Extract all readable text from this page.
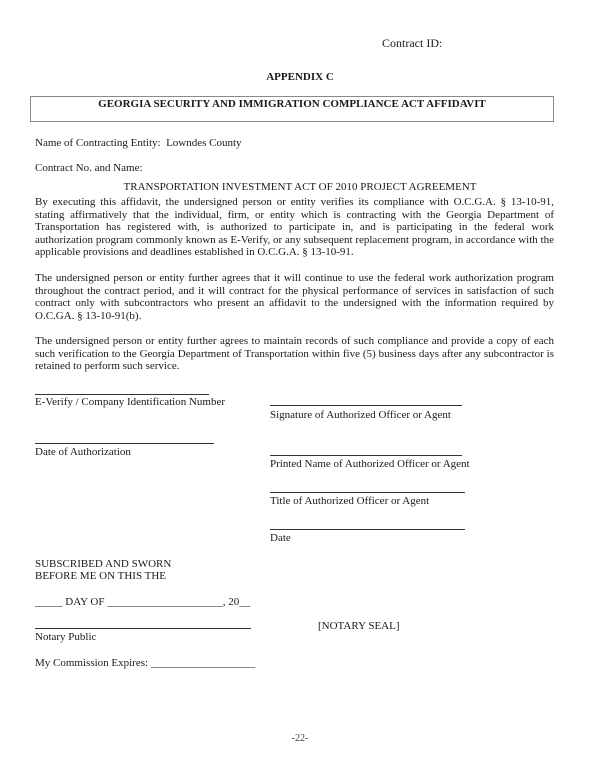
Contract ID:
APPENDIX C
GEORGIA SECURITY AND IMMIGRATION COMPLIANCE ACT AFFIDAVIT
Name of Contracting Entity: Lowndes County
Contract No. and Name:
TRANSPORTATION INVESTMENT ACT OF 2010 PROJECT AGREEMENT
By executing this affidavit, the undersigned person or entity verifies its compliance with O.C.G.A. § 13-10-91, stating affirmatively that the individual, firm, or entity which is contracting with the Georgia Department of Transportation has registered with, is authorized to participate in, and is participating in the federal work authorization program commonly known as E-Verify, or any subsequent replacement program, in accordance with the applicable provisions and deadlines established in O.C.G.A. § 13-10-91.
The undersigned person or entity further agrees that it will continue to use the federal work authorization program throughout the contract period, and it will contract for the physical performance of services in satisfaction of such contract only with subcontractors who present an affidavit to the undersigned with the information required by O.C.GA. § 13-10-91(b).
The undersigned person or entity further agrees to maintain records of such compliance and provide a copy of each such verification to the Georgia Department of Transportation within five (5) business days after any subcontractor is retained to perform such service.
E-Verify / Company Identification Number
Date of Authorization
Signature of Authorized Officer or Agent
Printed Name of Authorized Officer or Agent
Title of Authorized Officer or Agent
Date
SUBSCRIBED AND SWORN
BEFORE ME ON THIS THE
_____ DAY OF _____________________, 20__
Notary Public
[NOTARY SEAL]
My Commission Expires: ___________________
-22-
